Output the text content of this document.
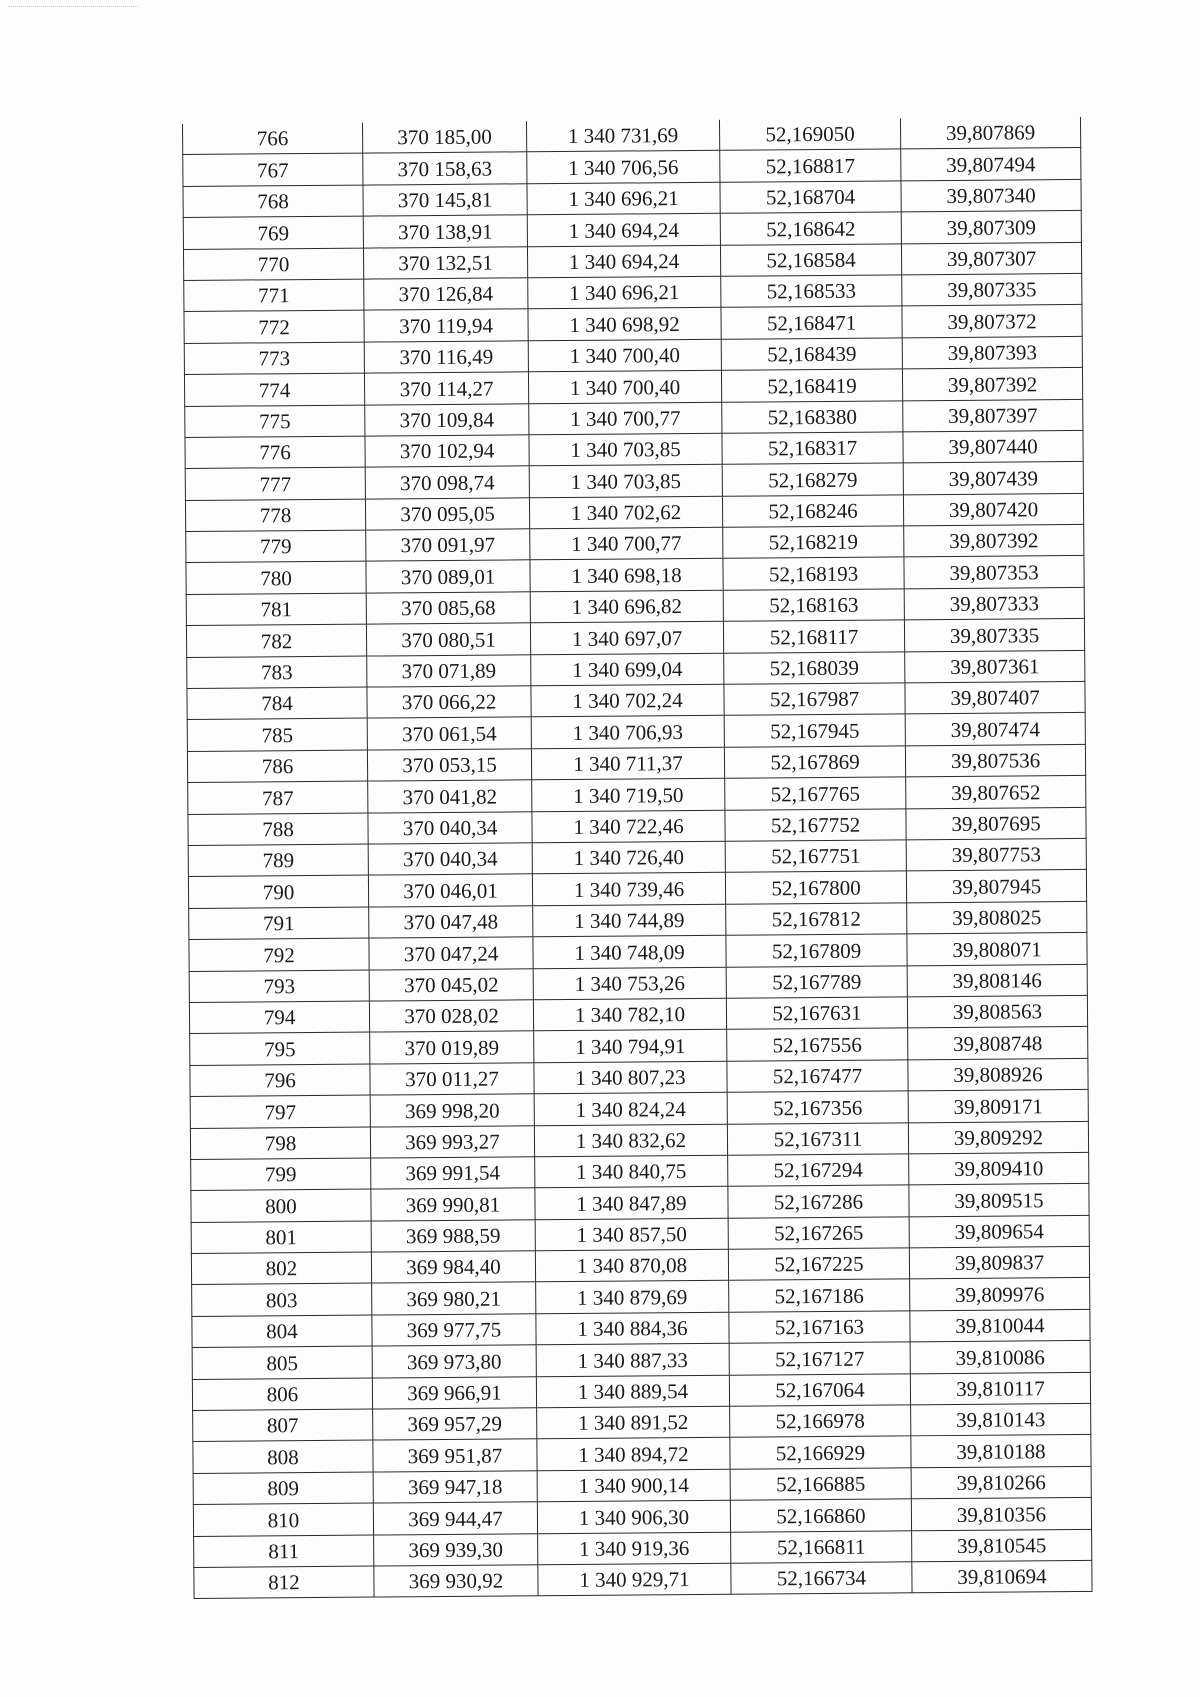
766	370 185,00	1 340 731,69	52,169050	39,807869
767	370 158,63	1 340 706,56	52,168817	39,807494
768	370 145,81	1 340 696,21	52,168704	39,807340
769	370 138,91	1 340 694,24	52,168642	39,807309
770	370 132,51	1 340 694,24	52,168584	39,807307
771	370 126,84	1 340 696,21	52,168533	39,807335
772	370 119,94	1 340 698,92	52,168471	39,807372
773	370 116,49	1 340 700,40	52,168439	39,807393
774	370 114,27	1 340 700,40	52,168419	39,807392
775	370 109,84	1 340 700,77	52,168380	39,807397
776	370 102,94	1 340 703,85	52,168317	39,807440
777	370 098,74	1 340 703,85	52,168279	39,807439
778	370 095,05	1 340 702,62	52,168246	39,807420
779	370 091,97	1 340 700,77	52,168219	39,807392
780	370 089,01	1 340 698,18	52,168193	39,807353
781	370 085,68	1 340 696,82	52,168163	39,807333
782	370 080,51	1 340 697,07	52,168117	39,807335
783	370 071,89	1 340 699,04	52,168039	39,807361
784	370 066,22	1 340 702,24	52,167987	39,807407
785	370 061,54	1 340 706,93	52,167945	39,807474
786	370 053,15	1 340 711,37	52,167869	39,807536
787	370 041,82	1 340 719,50	52,167765	39,807652
788	370 040,34	1 340 722,46	52,167752	39,807695
789	370 040,34	1 340 726,40	52,167751	39,807753
790	370 046,01	1 340 739,46	52,167800	39,807945
791	370 047,48	1 340 744,89	52,167812	39,808025
792	370 047,24	1 340 748,09	52,167809	39,808071
793	370 045,02	1 340 753,26	52,167789	39,808146
794	370 028,02	1 340 782,10	52,167631	39,808563
795	370 019,89	1 340 794,91	52,167556	39,808748
796	370 011,27	1 340 807,23	52,167477	39,808926
797	369 998,20	1 340 824,24	52,167356	39,809171
798	369 993,27	1 340 832,62	52,167311	39,809292
799	369 991,54	1 340 840,75	52,167294	39,809410
800	369 990,81	1 340 847,89	52,167286	39,809515
801	369 988,59	1 340 857,50	52,167265	39,809654
802	369 984,40	1 340 870,08	52,167225	39,809837
803	369 980,21	1 340 879,69	52,167186	39,809976
804	369 977,75	1 340 884,36	52,167163	39,810044
805	369 973,80	1 340 887,33	52,167127	39,810086
806	369 966,91	1 340 889,54	52,167064	39,810117
807	369 957,29	1 340 891,52	52,166978	39,810143
808	369 951,87	1 340 894,72	52,166929	39,810188
809	369 947,18	1 340 900,14	52,166885	39,810266
810	369 944,47	1 340 906,30	52,166860	39,810356
811	369 939,30	1 340 919,36	52,166811	39,810545
812	369 930,92	1 340 929,71	52,166734	39,810694
